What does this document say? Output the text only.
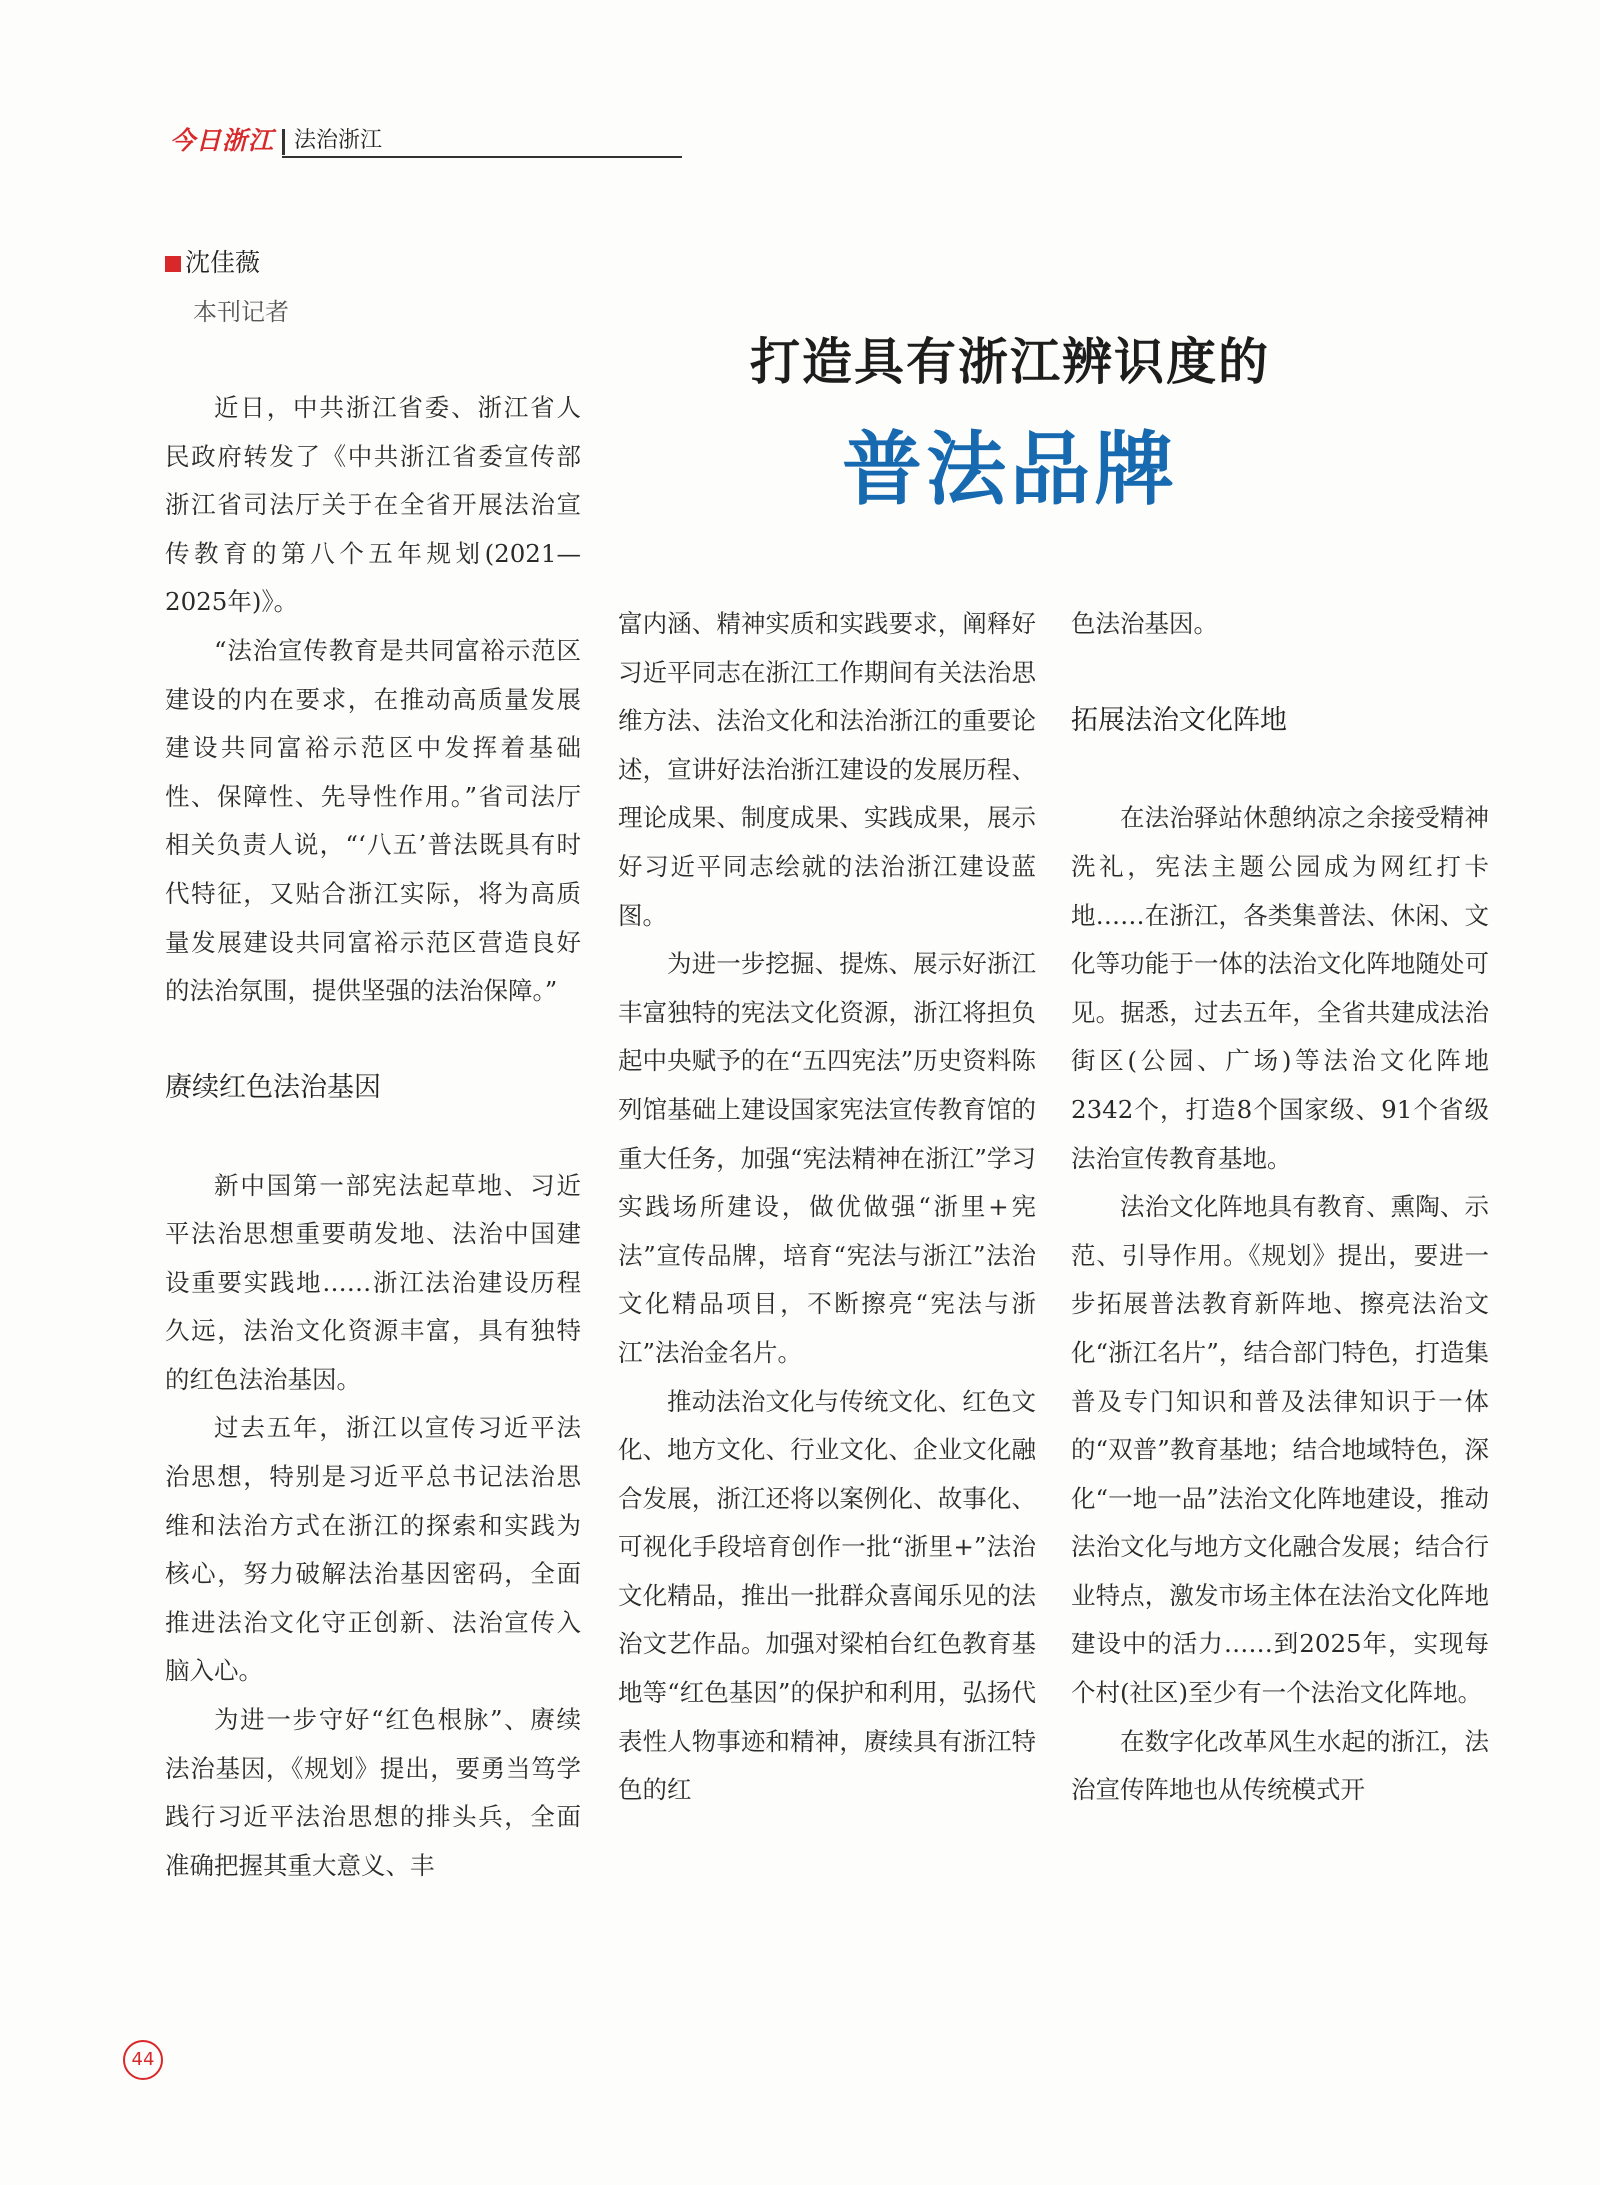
今日浙江 法治浙江
沈佳薇
本刊记者
打造具有浙江辨识度的
普法品牌

近日，中共浙江省委、浙江省人民政府转发了《中共浙江省委宣传部 浙江省司法厅关于在全省开展法治宣传教育的第八个五年规划(2021—2025年)》。

“法治宣传教育是共同富裕示范区建设的内在要求，在推动高质量发展建设共同富裕示范区中发挥着基础性、保障性、先导性作用。”省司法厅相关负责人说，“‘八五’普法既具有时代特征，又贴合浙江实际，将为高质量发展建设共同富裕示范区营造良好的法治氛围，提供坚强的法治保障。”

赓续红色法治基因

新中国第一部宪法起草地、习近平法治思想重要萌发地、法治中国建设重要实践地……浙江法治建设历程久远，法治文化资源丰富，具有独特的红色法治基因。

过去五年，浙江以宣传习近平法治思想，特别是习近平总书记法治思维和法治方式在浙江的探索和实践为核心，努力破解法治基因密码，全面推进法治文化守正创新、法治宣传入脑入心。

为进一步守好“红色根脉”、赓续法治基因，《规划》提出，要勇当笃学践行习近平法治思想的排头兵，全面准确把握其重大意义、丰

富内涵、精神实质和实践要求，阐释好习近平同志在浙江工作期间有关法治思维方法、法治文化和法治浙江的重要论述，宣讲好法治浙江建设的发展历程、理论成果、制度成果、实践成果，展示好习近平同志绘就的法治浙江建设蓝图。

为进一步挖掘、提炼、展示好浙江丰富独特的宪法文化资源，浙江将担负起中央赋予的在“五四宪法”历史资料陈列馆基础上建设国家宪法宣传教育馆的重大任务，加强“宪法精神在浙江”学习实践场所建设，做优做强“浙里+宪法”宣传品牌，培育“宪法与浙江”法治文化精品项目，不断擦亮“宪法与浙江”法治金名片。

推动法治文化与传统文化、红色文化、地方文化、行业文化、企业文化融合发展，浙江还将以案例化、故事化、可视化手段培育创作一批“浙里+”法治文化精品，推出一批群众喜闻乐见的法治文艺作品。加强对梁柏台红色教育基地等“红色基因”的保护和利用，弘扬代表性人物事迹和精神，赓续具有浙江特色的红

色法治基因。

拓展法治文化阵地

在法治驿站休憩纳凉之余接受精神洗礼，宪法主题公园成为网红打卡地……在浙江，各类集普法、休闲、文化等功能于一体的法治文化阵地随处可见。据悉，过去五年，全省共建成法治街区(公园、广场)等法治文化阵地2342个，打造8个国家级、91个省级法治宣传教育基地。

法治文化阵地具有教育、熏陶、示范、引导作用。《规划》提出，要进一步拓展普法教育新阵地、擦亮法治文化“浙江名片”，结合部门特色，打造集普及专门知识和普及法律知识于一体的“双普”教育基地；结合地域特色，深化“一地一品”法治文化阵地建设，推动法治文化与地方文化融合发展；结合行业特点，激发市场主体在法治文化阵地建设中的活力……到2025年，实现每个村(社区)至少有一个法治文化阵地。

在数字化改革风生水起的浙江，法治宣传阵地也从传统模式开

44
